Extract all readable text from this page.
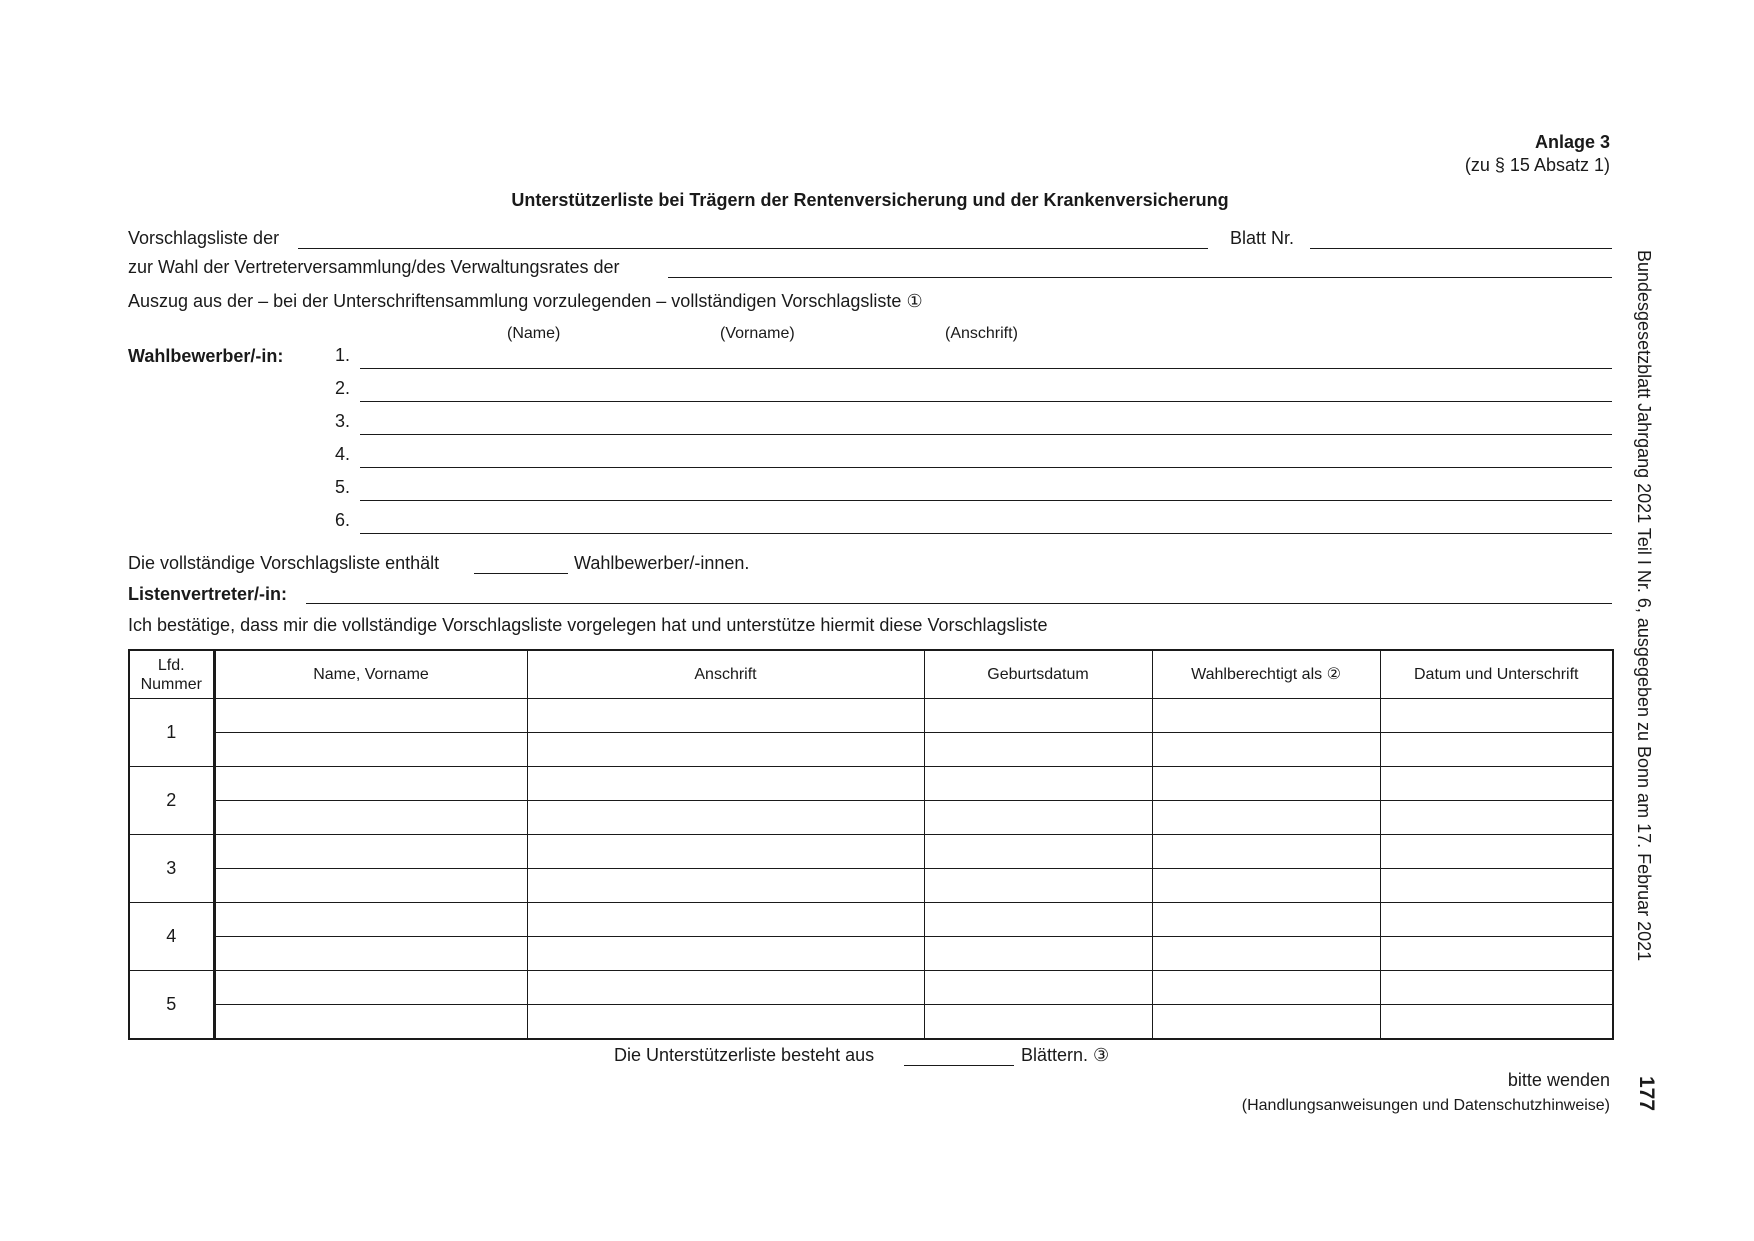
Anlage 3
(zu § 15 Absatz 1)
Unterstützerliste bei Trägern der Rentenversicherung und der Krankenversicherung
Vorschlagsliste der	Blatt Nr.
zur Wahl der Vertreterversammlung/des Verwaltungsrates der
Auszug aus der – bei der Unterschriftensammlung vorzulegenden – vollständigen Vorschlagsliste ①
(Name)	(Vorname)	(Anschrift)
Wahlbewerber/-in:	1.
2.
3.
4.
5.
6.
Die vollständige Vorschlagsliste enthält	Wahlbewerber/-innen.
Listenvertreter/-in:
Ich bestätige, dass mir die vollständige Vorschlagsliste vorgelegen hat und unterstütze hiermit diese Vorschlagsliste
Lfd.
Nummer	Name, Vorname	Anschrift	Geburtsdatum	Wahlberechtigt als ②	Datum und Unterschrift
1					

2					

3					

4					

5					

Die Unterstützerliste besteht aus	Blättern. ③
bitte wenden
(Handlungsanweisungen und Datenschutzhinweise)
Bundesgesetzblatt Jahrgang 2021 Teil I Nr. 6, ausgegeben zu Bonn am 17. Februar 2021
177
